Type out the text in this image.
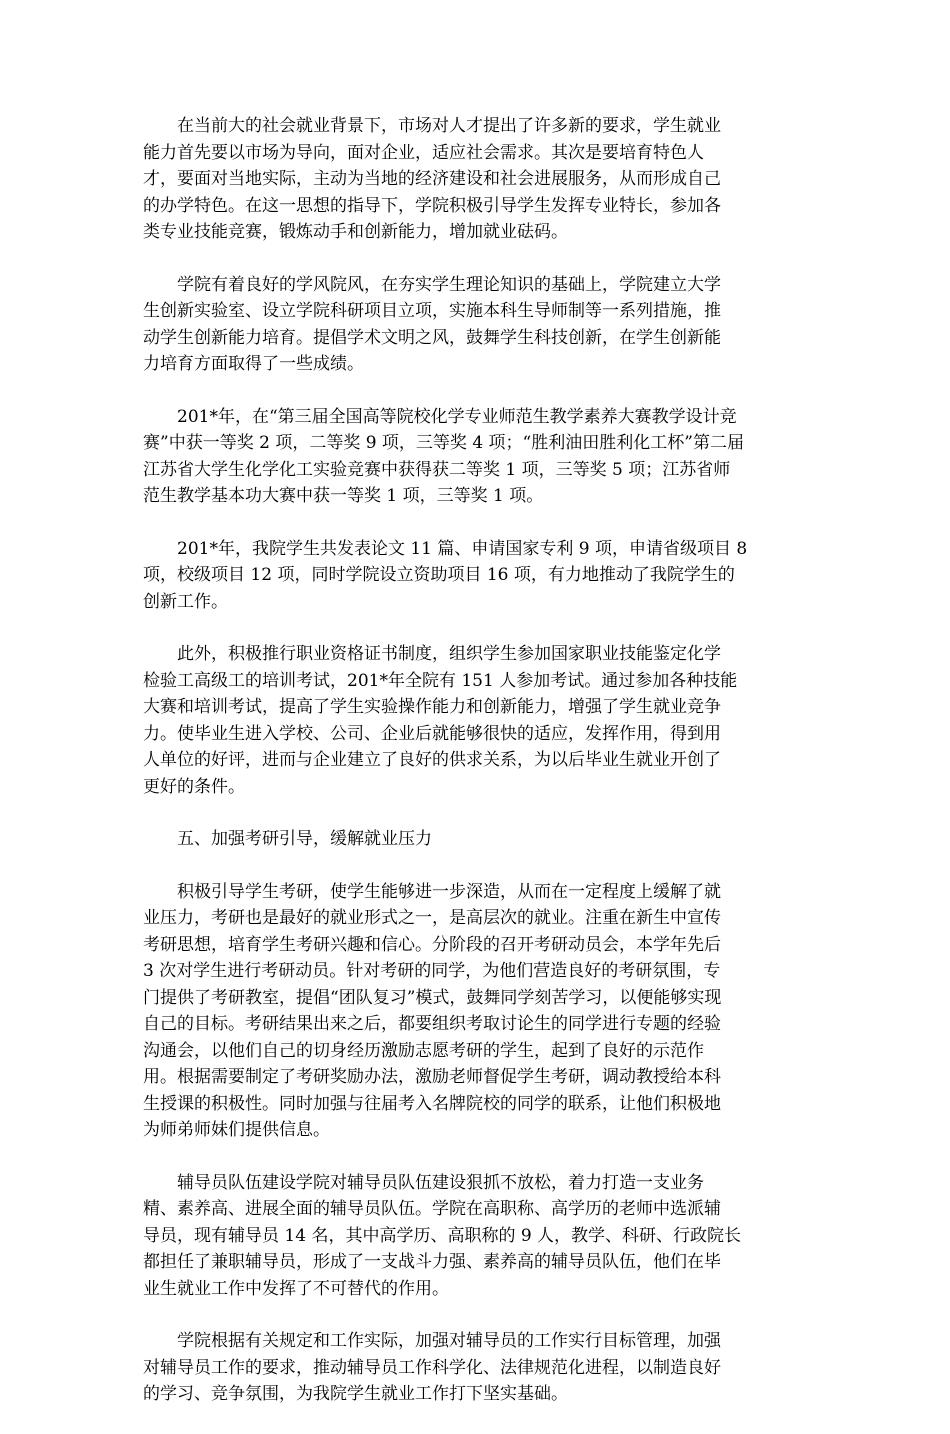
在当前大的社会就业背景下，市场对人才提出了许多新的要求，学生就业
能力首先要以市场为导向，面对企业，适应社会需求。其次是要培育特色人
才，要面对当地实际，主动为当地的经济建设和社会进展服务，从而形成自己
的办学特色。在这一思想的指导下，学院积极引导学生发挥专业特长，参加各
类专业技能竞赛，锻炼动手和创新能力，增加就业砝码。

学院有着良好的学风院风，在夯实学生理论知识的基础上，学院建立大学
生创新实验室、设立学院科研项目立项，实施本科生导师制等一系列措施，推
动学生创新能力培育。提倡学术文明之风，鼓舞学生科技创新，在学生创新能
力培育方面取得了一些成绩。

201*年，在“第三届全国高等院校化学专业师范生教学素养大赛教学设计竞
赛”中获一等奖 2 项，二等奖 9 项，三等奖 4 项；“胜利油田胜利化工杯”第二届
江苏省大学生化学化工实验竞赛中获得获二等奖 1 项，三等奖 5 项；江苏省师
范生教学基本功大赛中获一等奖 1 项，三等奖 1 项。

201*年，我院学生共发表论文 11 篇、申请国家专利 9 项，申请省级项目 8
项，校级项目 12 项，同时学院设立资助项目 16 项，有力地推动了我院学生的
创新工作。

此外，积极推行职业资格证书制度，组织学生参加国家职业技能鉴定化学
检验工高级工的培训考试，201*年全院有 151 人参加考试。通过参加各种技能
大赛和培训考试，提高了学生实验操作能力和创新能力，增强了学生就业竞争
力。使毕业生进入学校、公司、企业后就能够很快的适应，发挥作用，得到用
人单位的好评，进而与企业建立了良好的供求关系，为以后毕业生就业开创了
更好的条件。

五、加强考研引导，缓解就业压力

积极引导学生考研，使学生能够进一步深造，从而在一定程度上缓解了就
业压力，考研也是最好的就业形式之一，是高层次的就业。注重在新生中宣传
考研思想，培育学生考研兴趣和信心。分阶段的召开考研动员会，本学年先后
3 次对学生进行考研动员。针对考研的同学，为他们营造良好的考研氛围，专
门提供了考研教室，提倡“团队复习”模式，鼓舞同学刻苦学习，以便能够实现
自己的目标。考研结果出来之后，都要组织考取讨论生的同学进行专题的经验
沟通会，以他们自己的切身经历激励志愿考研的学生，起到了良好的示范作
用。根据需要制定了考研奖励办法，激励老师督促学生考研，调动教授给本科
生授课的积极性。同时加强与往届考入名牌院校的同学的联系，让他们积极地
为师弟师妹们提供信息。

辅导员队伍建设学院对辅导员队伍建设狠抓不放松，着力打造一支业务
精、素养高、进展全面的辅导员队伍。学院在高职称、高学历的老师中选派辅
导员，现有辅导员 14 名，其中高学历、高职称的 9 人，教学、科研、行政院长
都担任了兼职辅导员，形成了一支战斗力强、素养高的辅导员队伍，他们在毕
业生就业工作中发挥了不可替代的作用。

学院根据有关规定和工作实际，加强对辅导员的工作实行目标管理，加强
对辅导员工作的要求，推动辅导员工作科学化、法律规范化进程，以制造良好
的学习、竞争氛围，为我院学生就业工作打下坚实基础。
